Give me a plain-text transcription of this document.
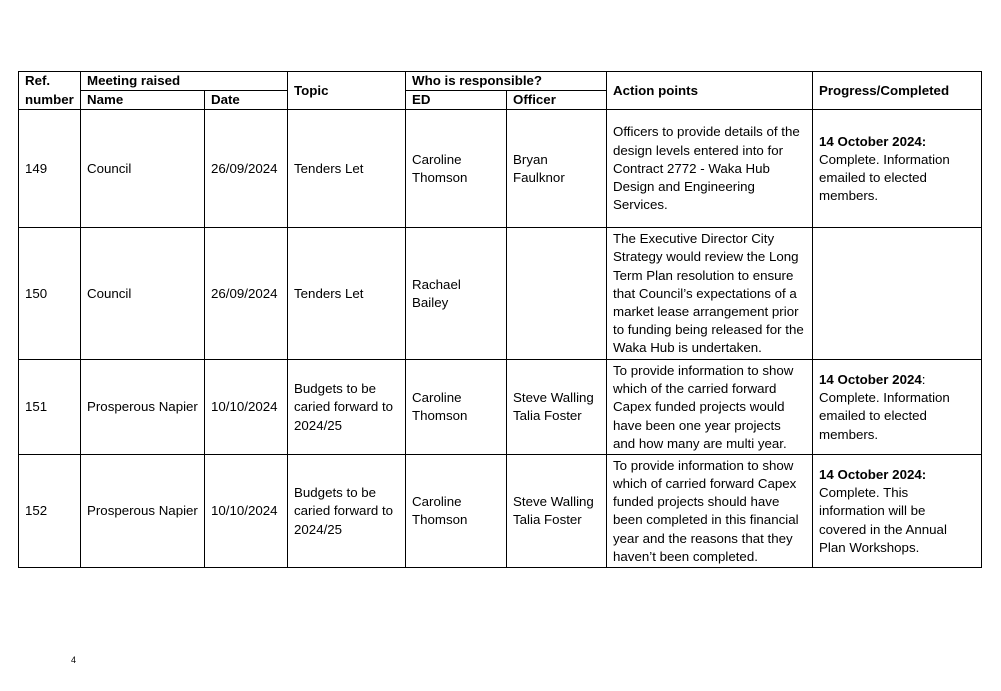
Ref.	Meeting raised		Topic	Who is responsible?		Action points	Progress/Completed
number	Name	Date		ED	Officer		
149	Council	26/09/2024	Tenders Let	Caroline Thomson	Bryan Faulknor	Officers to provide details of the design levels entered into for Contract 2772 - Waka Hub Design and Engineering Services.	14 October 2024:
Complete. Information emailed to elected members.
150	Council	26/09/2024	Tenders Let	Rachael Bailey		The Executive Director City Strategy would review the Long Term Plan resolution to ensure that Council’s expectations of a market lease arrangement prior to funding being released for the Waka Hub is undertaken.	
151	Prosperous Napier	10/10/2024	Budgets to be caried forward to 2024/25	Caroline Thomson	Steve Walling Talia Foster	To provide information to show which of the carried forward Capex funded projects would have been one year projects and how many are multi year.	14 October 2024:
Complete. Information emailed to elected members.
152	Prosperous Napier	10/10/2024	Budgets to be caried forward to 2024/25	Caroline Thomson	Steve Walling Talia Foster	To provide information to show which of carried forward Capex funded projects should have been completed in this financial year and the reasons that they haven’t been completed.	14 October 2024:
Complete. This information will be covered in the Annual Plan Workshops.
4
